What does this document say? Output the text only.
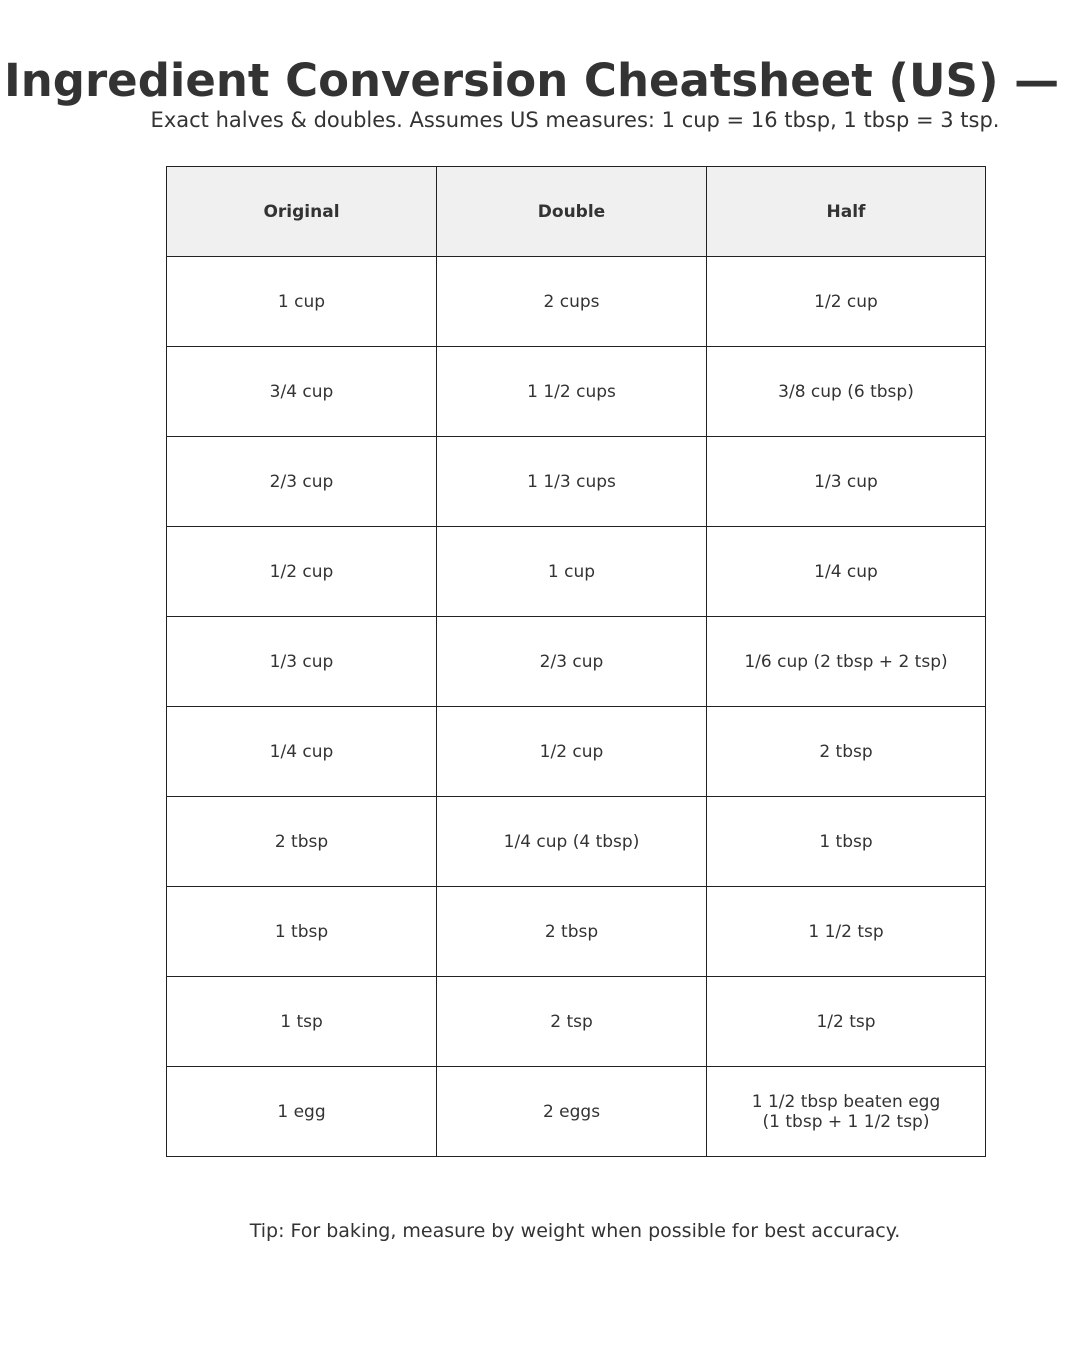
Ingredient Conversion Cheatsheet (US) —
Exact halves & doubles. Assumes US measures: 1 cup = 16 tbsp, 1 tbsp = 3 tsp.
Original	Double	Half
1 cup	2 cups	1/2 cup
3/4 cup	1 1/2 cups	3/8 cup (6 tbsp)
2/3 cup	1 1/3 cups	1/3 cup
1/2 cup	1 cup	1/4 cup
1/3 cup	2/3 cup	1/6 cup (2 tbsp + 2 tsp)
1/4 cup	1/2 cup	2 tbsp
2 tbsp	1/4 cup (4 tbsp)	1 tbsp
1 tbsp	2 tbsp	1 1/2 tsp
1 tsp	2 tsp	1/2 tsp
1 egg	2 eggs	1 1/2 tbsp beaten egg
(1 tbsp + 1 1/2 tsp)
Tip: For baking, measure by weight when possible for best accuracy.
